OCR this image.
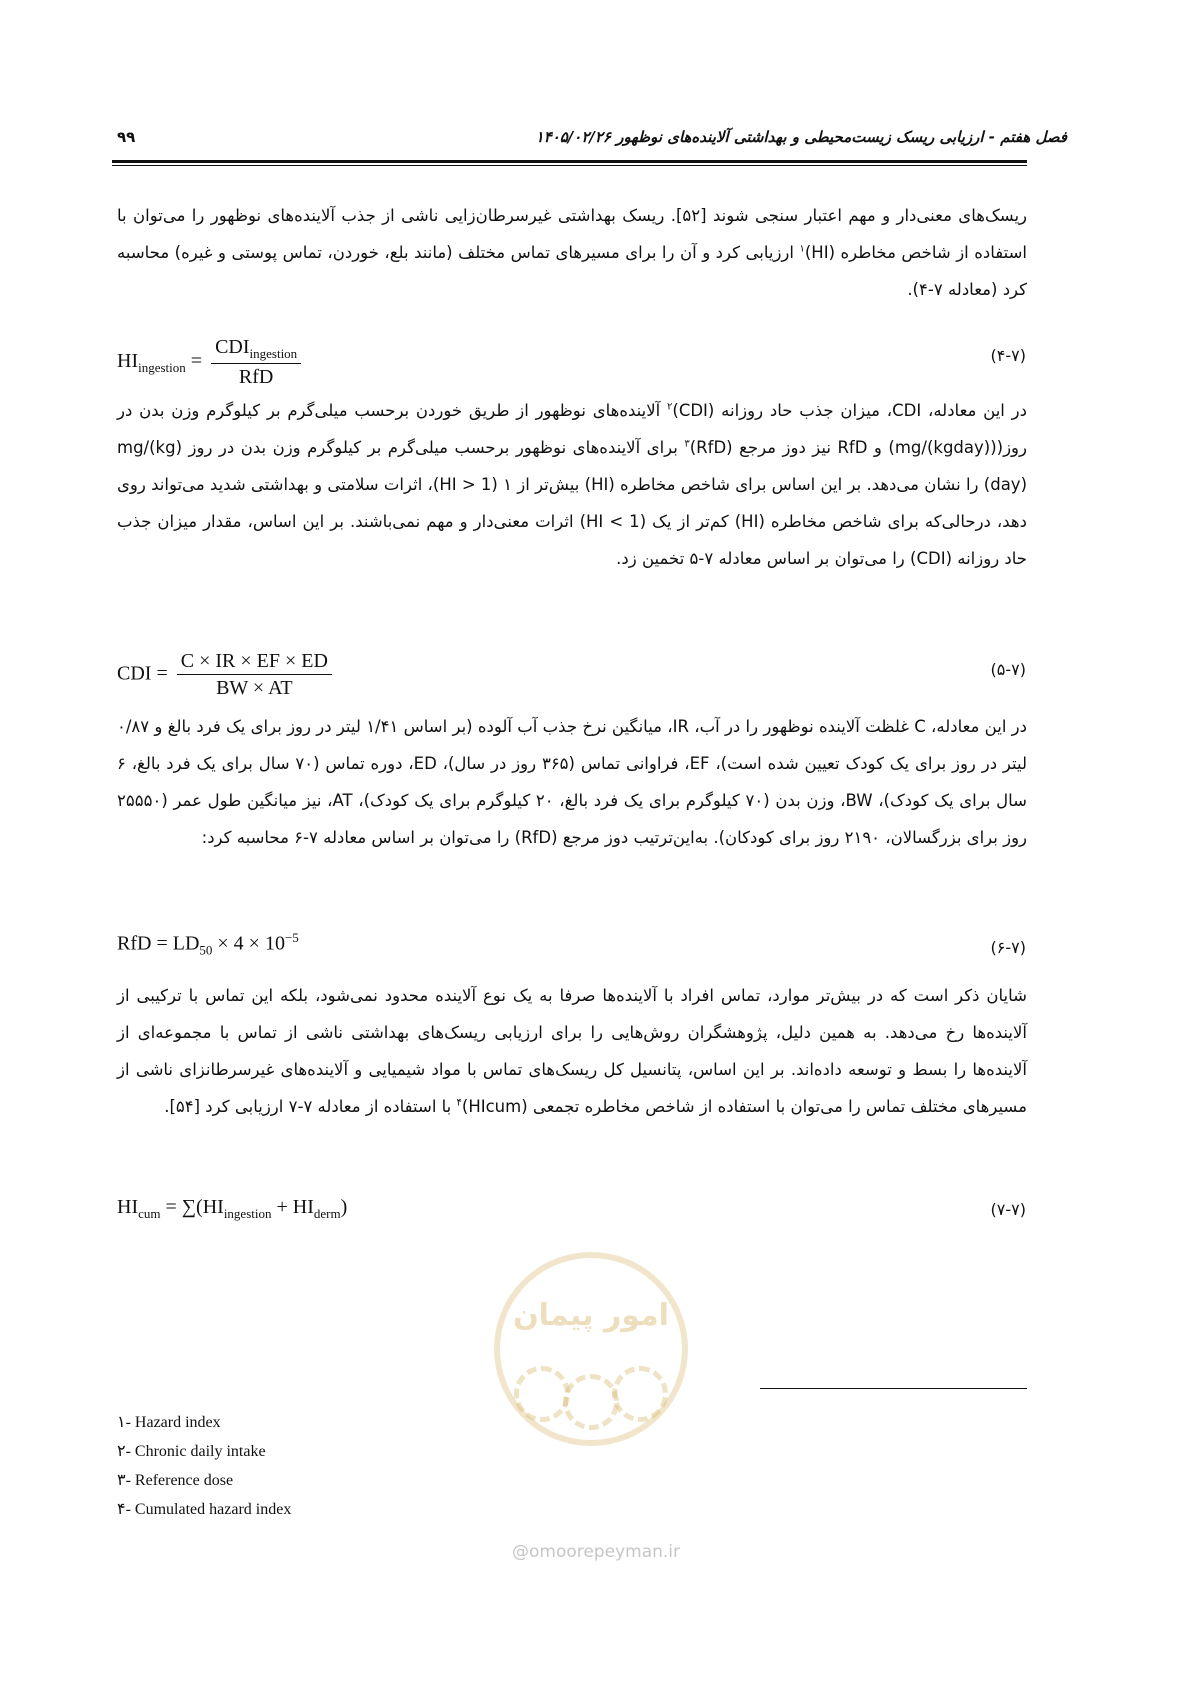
فصل هفتم - ارزیابی ریسک زیست‌محیطی و بهداشتی آلاینده‌های نوظهور ۱۴۰۵/۰۲/۲۶
۹۹
ریسک‌های معنی‌دار و مهم اعتبار سنجی شوند [۵۲]. ریسک بهداشتی غیرسرطان‌زایی ناشی از جذب آلاینده‌های نوظهور را می‌توان با استفاده از شاخص مخاطره (HI)$^۱$ ارزیابی کرد و آن را برای مسیرهای تماس مختلف (مانند بلع، خوردن، تماس پوستی و غیره) محاسبه کرد (معادله ۷-۴).
$HI_{ingestion} = \frac{CDI_{ingestion}}{\text{RfD}}$	(۴-۷)
در این معادله، CDI، میزان جذب حاد روزانه (CDI)$^۲$ آلاینده‌های نوظهور از طریق خوردن برحسب میلی‌گرم بر کیلوگرم وزن بدن در روز((mg/(kgday)) و RfD نیز دوز مرجع (RfD)$^۳$ برای آلاینده‌های نوظهور برحسب میلی‌گرم بر کیلوگرم وزن بدن در روز (mg/(kg day)) را نشان می‌دهد. بر این اساس برای شاخص مخاطره (HI) بیش‌تر از ۱ (HI > 1)، اثرات سلامتی و بهداشتی شدید می‌تواند روی دهد، درحالی‌که برای شاخص مخاطره (HI) کم‌تر از یک (HI < 1) اثرات معنی‌دار و مهم نمی‌باشند. بر این اساس، مقدار میزان جذب حاد روزانه (CDI) را می‌توان بر اساس معادله ۷-۵ تخمین زد.
CDI = $\frac{C \times IR \times EF \times ED}{BW \times AT}$	(۵-۷)
در این معادله، C غلظت آلاینده نوظهور را در آب، IR، میانگین نرخ جذب آب آلوده (بر اساس ۱/۴۱ لیتر در روز برای یک فرد بالغ و ۰/۸۷ لیتر در روز برای یک کودک تعیین شده است)، EF، فراوانی تماس (۳۶۵ روز در سال)، ED، دوره تماس (۷۰ سال برای یک فرد بالغ، ۶ سال برای یک کودک)، BW، وزن بدن (۷۰ کیلوگرم برای یک فرد بالغ، ۲۰ کیلوگرم برای یک کودک)، AT، نیز میانگین طول عمر (۲۵۵۵۰ روز برای بزرگسالان، ۲۱۹۰ روز برای کودکان). به‌این‌ترتیب دوز مرجع (RfD) را می‌توان بر اساس معادله ۷-۶ محاسبه کرد:
RfD = $LD_{50} \times 4 \times 10^{-5}$
(۶-۷)
شایان ذکر است که در بیش‌تر موارد، تماس افراد با آلاینده‌ها صرفا به یک نوع آلاینده محدود نمی‌شود، بلکه این تماس با ترکیبی از آلاینده‌ها رخ می‌دهد. به همین دلیل، پژوهشگران روش‌هایی را برای ارزیابی ریسک‌های بهداشتی ناشی از تماس با مجموعه‌ای از آلاینده‌ها را بسط و توسعه داده‌اند. بر این اساس، پتانسیل کل ریسک‌های تماس با مواد شیمیایی و آلاینده‌های غیرسرطانزای ناشی از مسیرهای مختلف تماس را می‌توان با استفاده از شاخص مخاطره تجمعی (HIcum)$^۴$ با استفاده از معادله ۷-۷ ارزیابی کرد [۵۴].
$HI_{cum} = \sum(HI_{ingestion} + HI_{derm})$	(۷-۷)
امور پیمان
@omoorepeyman.ir
۱- Hazard index
۲- Chronic daily intake
۳- Reference dose
۴- Cumulated hazard index
